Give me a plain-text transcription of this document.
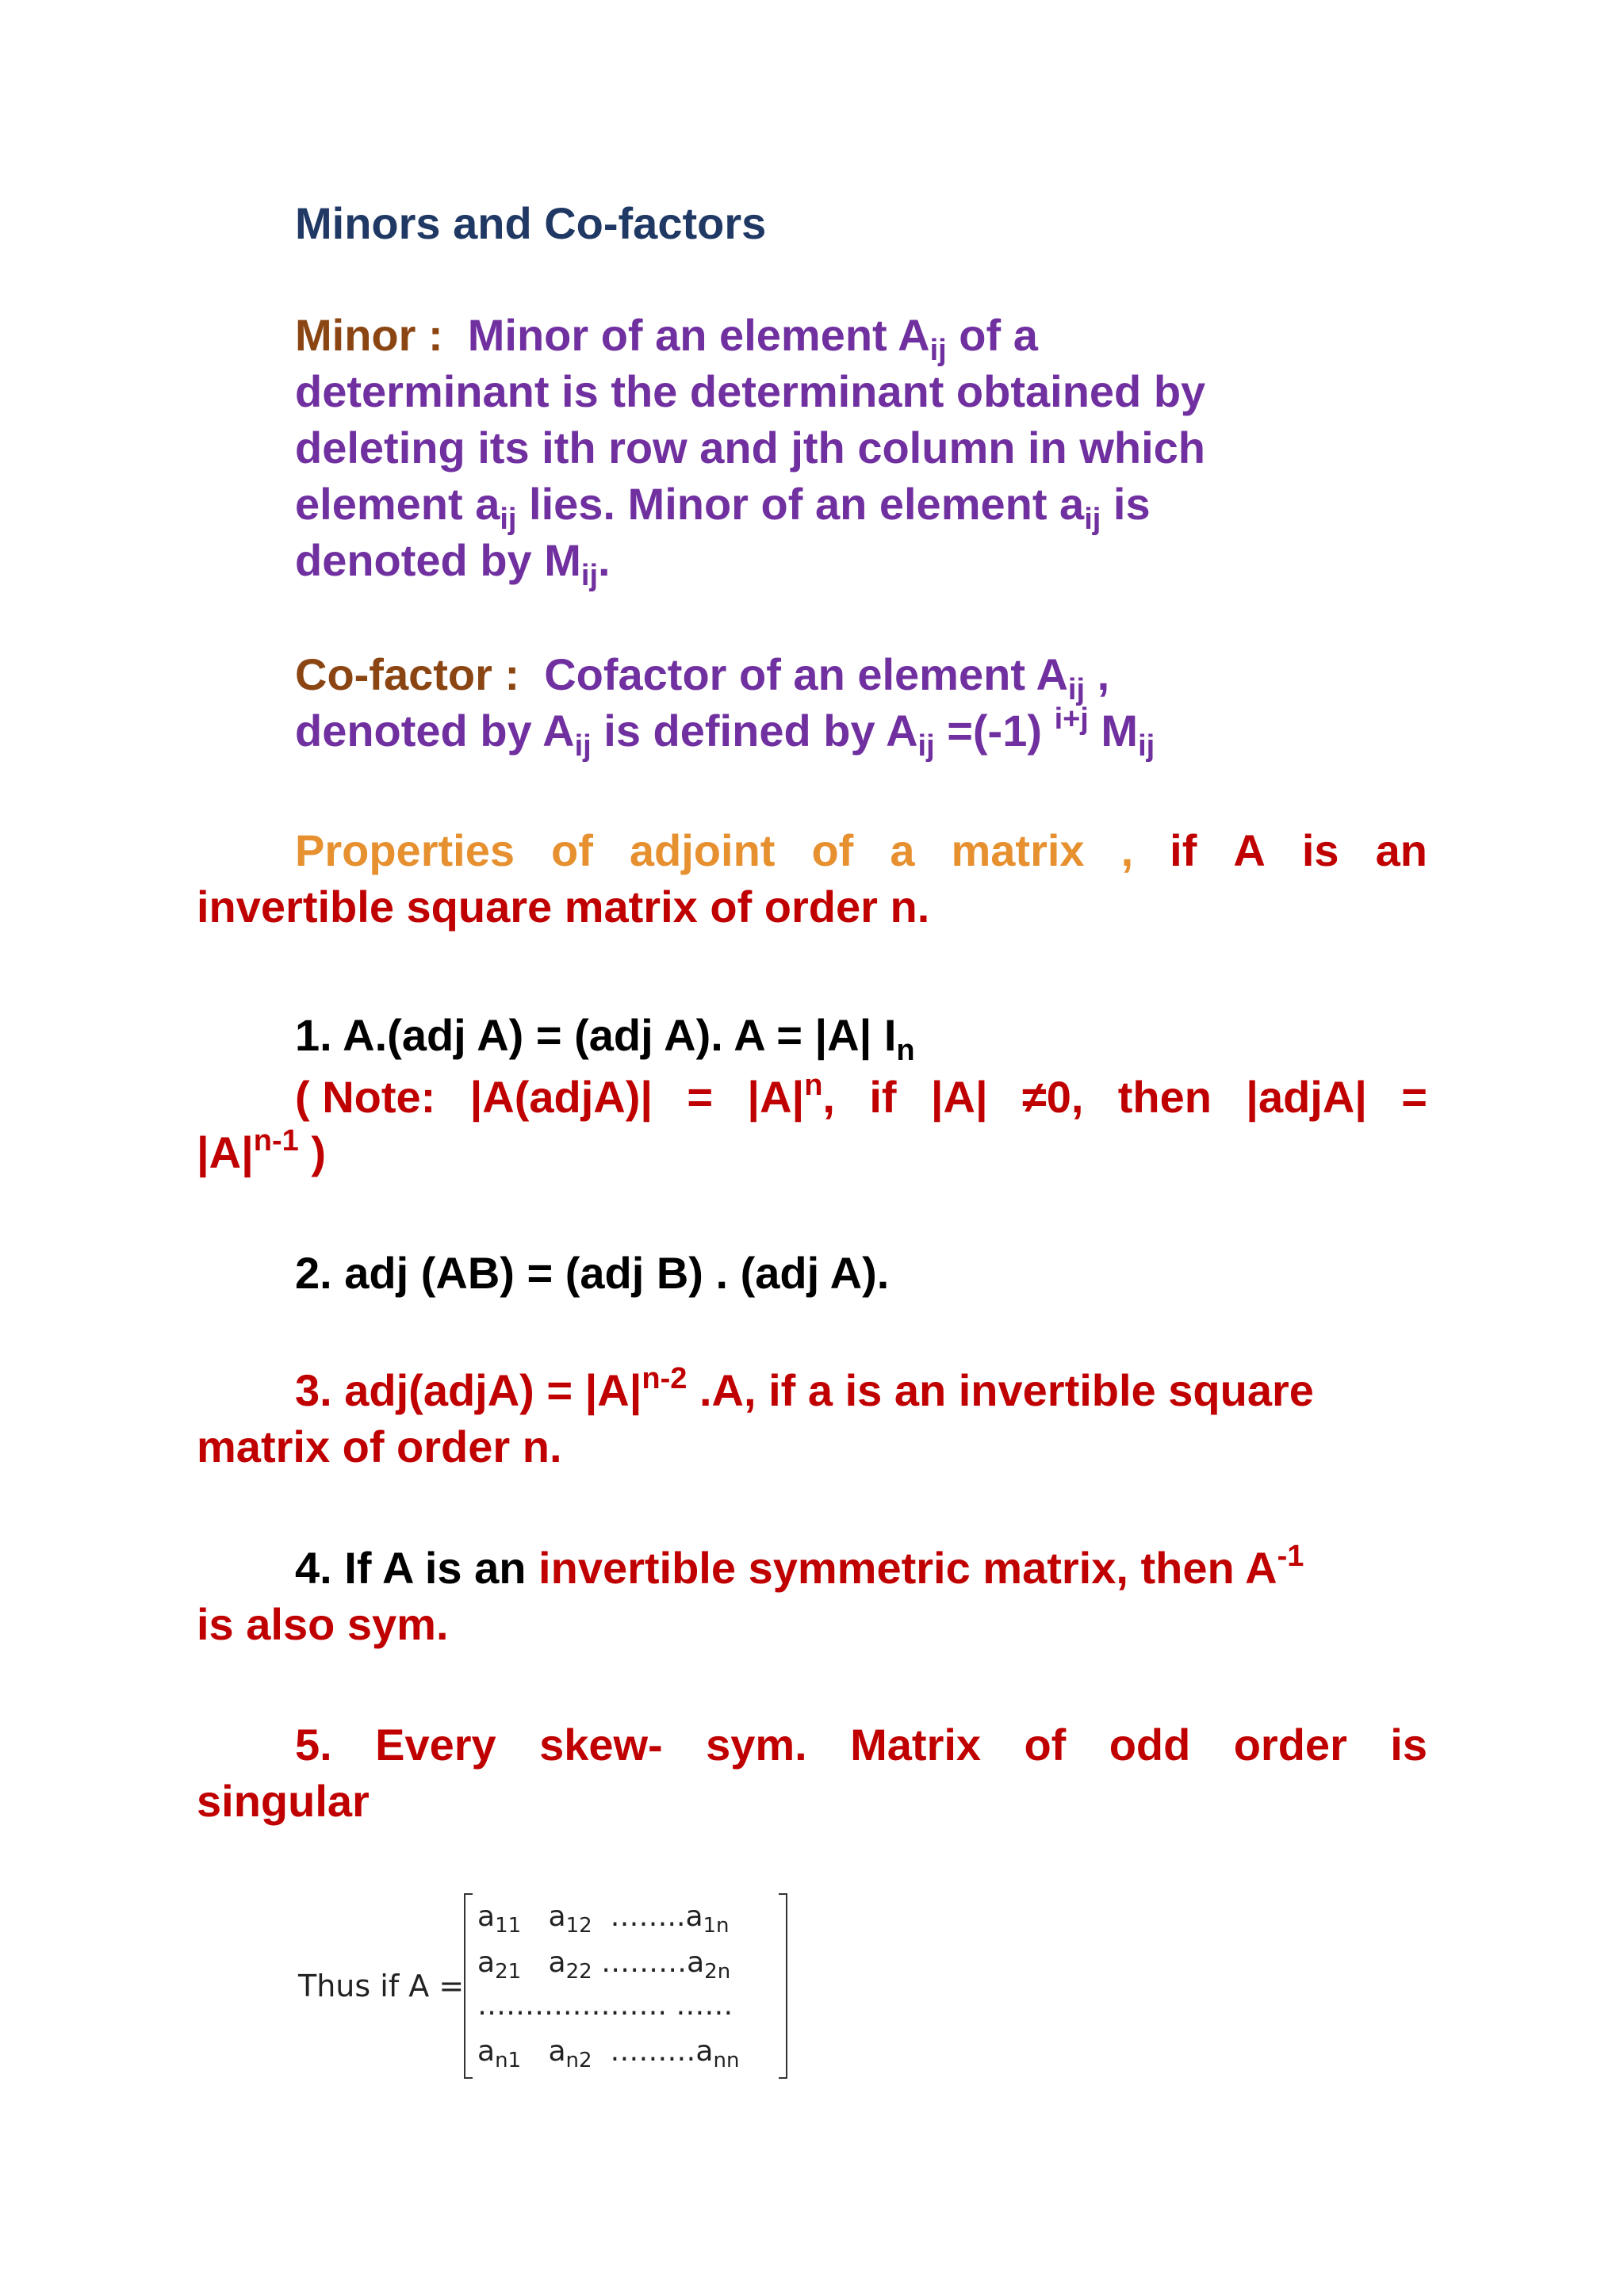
Minors and Co-factors
Minor : Minor of an element $A_{ij}$ of a
determinant is the determinant obtained by
deleting its ith row and jth column in which
element $a_{ij}$ lies. Minor of an element $a_{ij}$ is
denoted by $M_{ij}$.
Co-factor : Cofactor of an element $A_{ij}$ ,
denoted by $A_{ij}$ is defined by $A_{ij} =(-1)$ $^{i+j}$ $M_{ij}$
Properties of adjoint of a matrix , if A is an
invertible square matrix of order n.
1. A.(adj A) = (adj A). A = |A| $I_n$
( Note: |A(adjA)| = $|A|^n$, if |A| ≠0, then |adjA| =
$|A|^{n-1}$ )
2. adj (AB) = (adj B) . (adj A).
3. adj(adjA) = $|A|^{n-2}$ .A, if a is an invertible square
matrix of order n.
4. If A is an invertible symmetric matrix, then $A^{-1}$
is also sym.
5. Every skew- sym. Matrix of odd order is
singular
Thus if A =
$a_{11}$ $a_{12}$ $\dots\dots..a_{1n}$
$a_{21}$ $a_{22}$ $\dots\dots\dots a_{2n}$
……….………. ……
$a_{n1}$ $a_{n2}$ $\dots\dots\dots a_{nn}$
